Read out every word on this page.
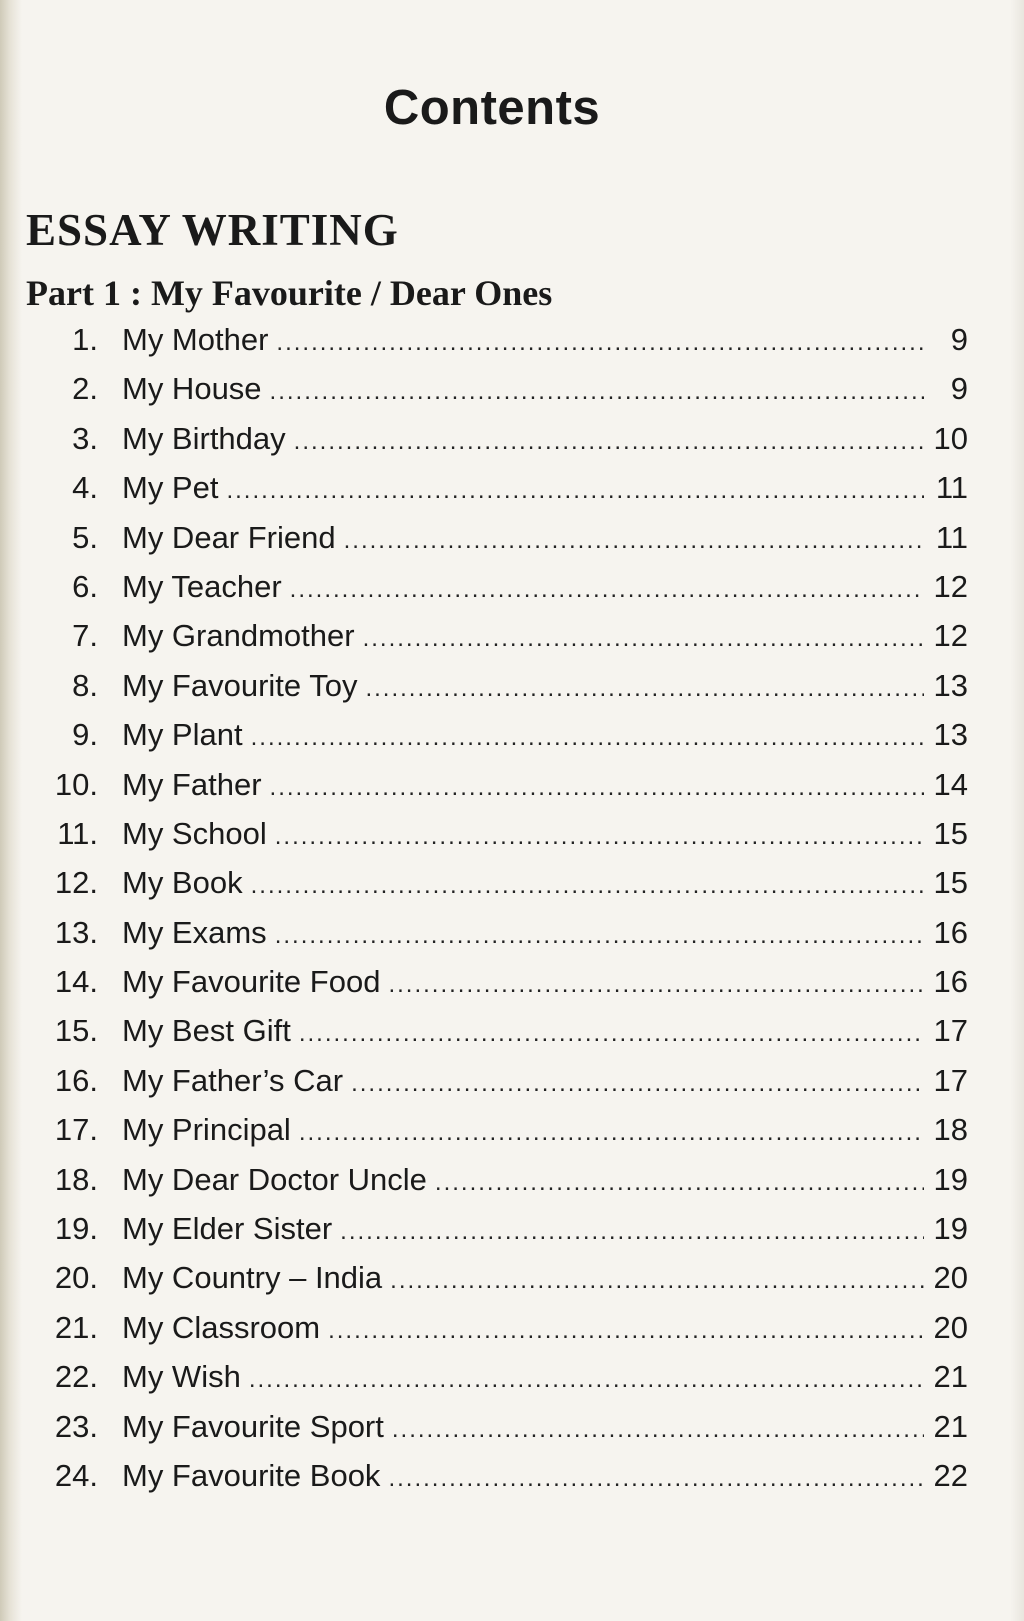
Contents
ESSAY WRITING
Part 1 : My Favourite / Dear Ones
1. My Mother .....	9
2. My House .....	9
3. My Birthday .....	10
4. My Pet .....	11
5. My Dear Friend .....	11
6. My Teacher .....	12
7. My Grandmother .....	12
8. My Favourite Toy .....	13
9. My Plant .....	13
10. My Father .....	14
11. My School .....	15
12. My Book .....	15
13. My Exams .....	16
14. My Favourite Food .....	16
15. My Best Gift .....	17
16. My Father’s Car .....	17
17. My Principal .....	18
18. My Dear Doctor Uncle .....	19
19. My Elder Sister .....	19
20. My Country – India .....	20
21. My Classroom .....	20
22. My Wish .....	21
23. My Favourite Sport .....	21
24. My Favourite Book .....	22
